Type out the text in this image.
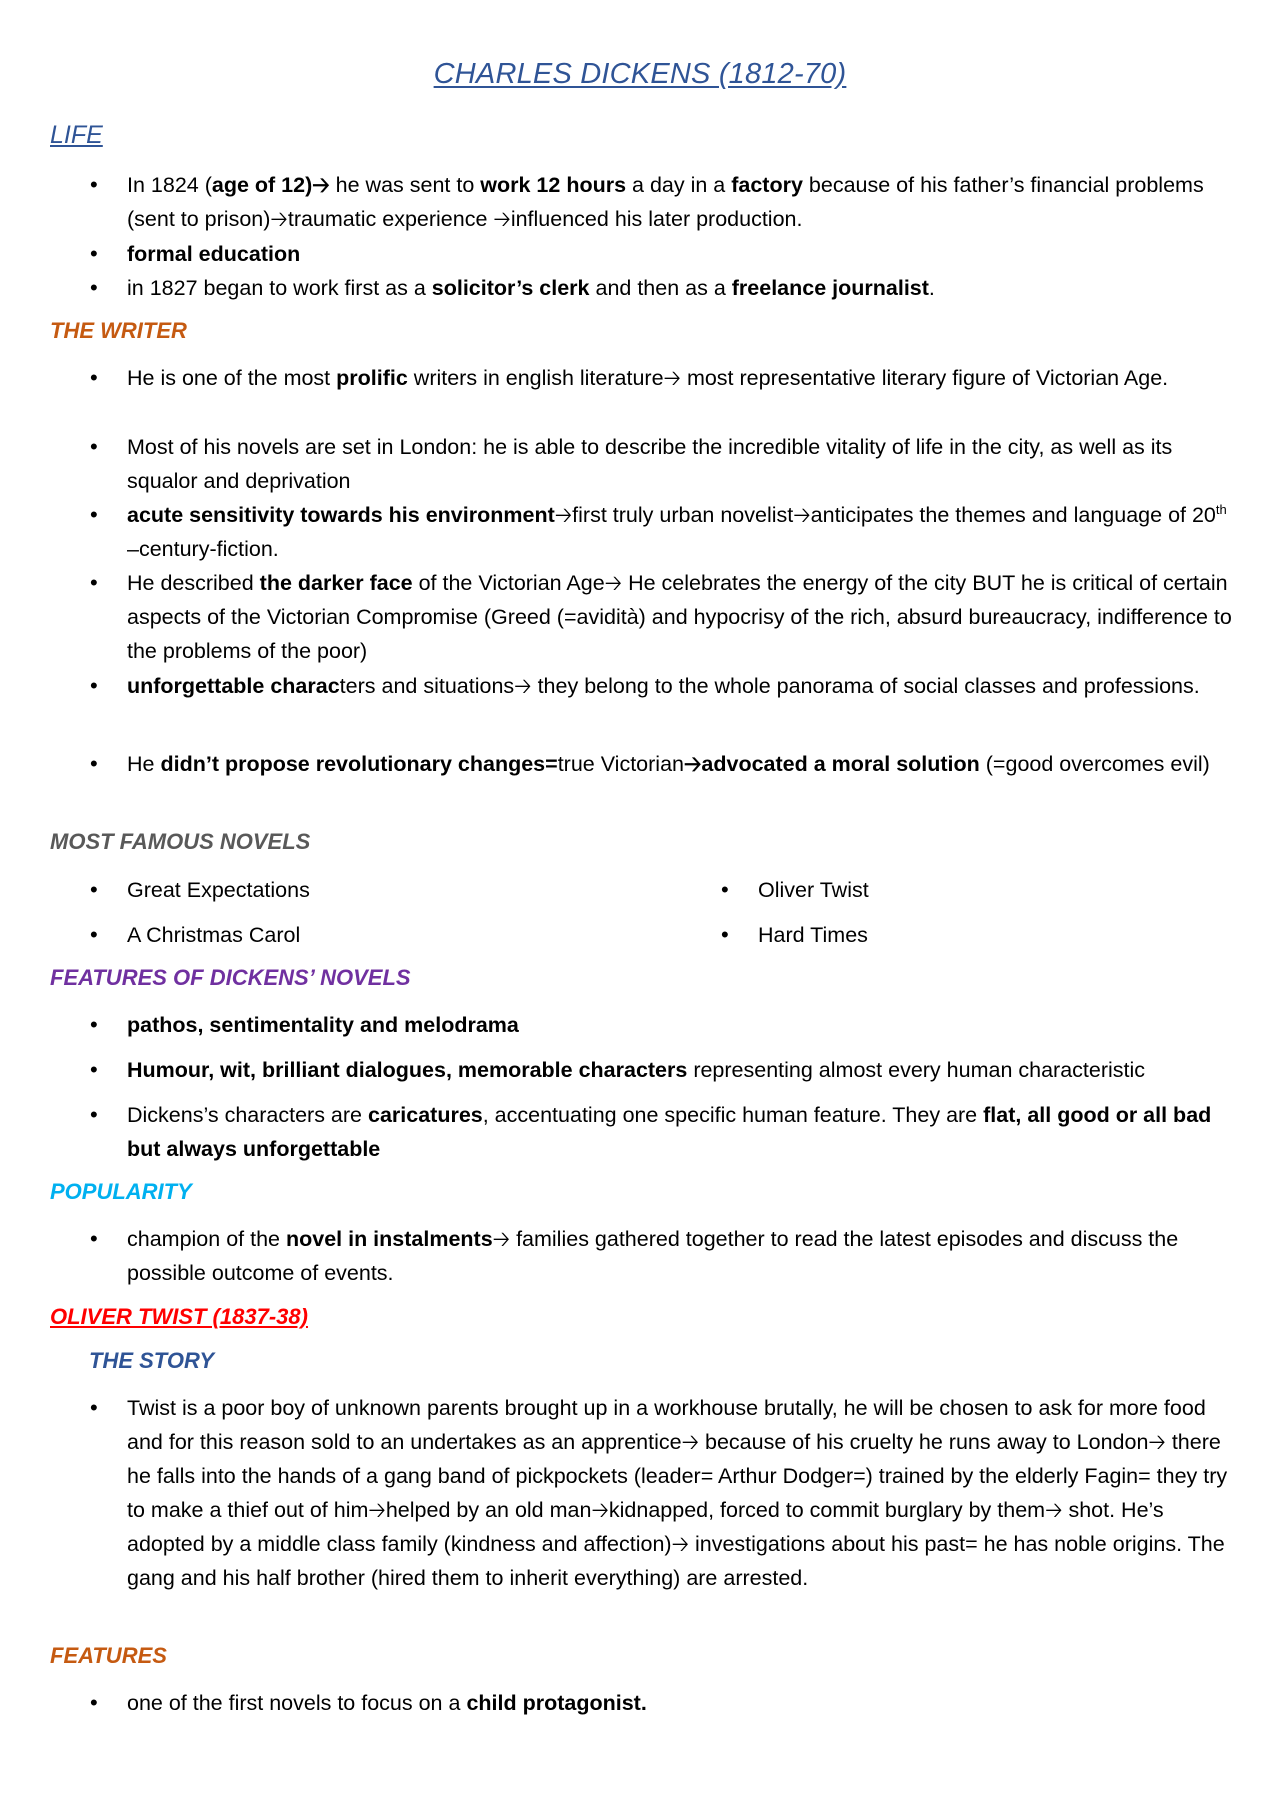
CHARLES DICKENS (1812-70)
LIFE
• In 1824 (age of 12)🡢 he was sent to work 12 hours a day in a factory because of his father’s financial problems (sent to prison)🡢traumatic experience 🡢influenced his later production.
• formal education
• in 1827 began to work first as a solicitor’s clerk and then as a freelance journalist.
THE WRITER
• He is one of the most prolific writers in english literature🡢 most representative literary figure of Victorian Age.
• Most of his novels are set in London: he is able to describe the incredible vitality of life in the city, as well as its squalor and deprivation
• acute sensitivity towards his environment🡢first truly urban novelist🡢anticipates the themes and language of 20th –century-fiction.
• He described the darker face of the Victorian Age🡢 He celebrates the energy of the city BUT he is critical of certain aspects of the Victorian Compromise (Greed (=avidità) and hypocrisy of the rich, absurd bureaucracy, indifference to the problems of the poor)
• unforgettable characters and situations🡢 they belong to the whole panorama of social classes and professions.
• He didn’t propose revolutionary changes=true Victorian🡢advocated a moral solution (=good overcomes evil)
MOST FAMOUS NOVELS
• Great Expectations	• Oliver Twist
• A Christmas Carol	• Hard Times
FEATURES OF DICKENS’ NOVELS
• pathos, sentimentality and melodrama
• Humour, wit, brilliant dialogues, memorable characters representing almost every human characteristic
• Dickens’s characters are caricatures, accentuating one specific human feature. They are flat, all good or all bad but always unforgettable
POPULARITY
• champion of the novel in instalments🡢 families gathered together to read the latest episodes and discuss the possible outcome of events.
OLIVER TWIST (1837-38)
THE STORY
• Twist is a poor boy of unknown parents brought up in a workhouse brutally, he will be chosen to ask for more food and for this reason sold to an undertakes as an apprentice🡢 because of his cruelty he runs away to London🡢 there he falls into the hands of a gang band of pickpockets (leader= Arthur Dodger=) trained by the elderly Fagin= they try to make a thief out of him🡢helped by an old man🡢kidnapped, forced to commit burglary by them🡢 shot. He’s adopted by a middle class family (kindness and affection)🡢 investigations about his past= he has noble origins. The gang and his half brother (hired them to inherit everything) are arrested.
FEATURES
• one of the first novels to focus on a child protagonist.
